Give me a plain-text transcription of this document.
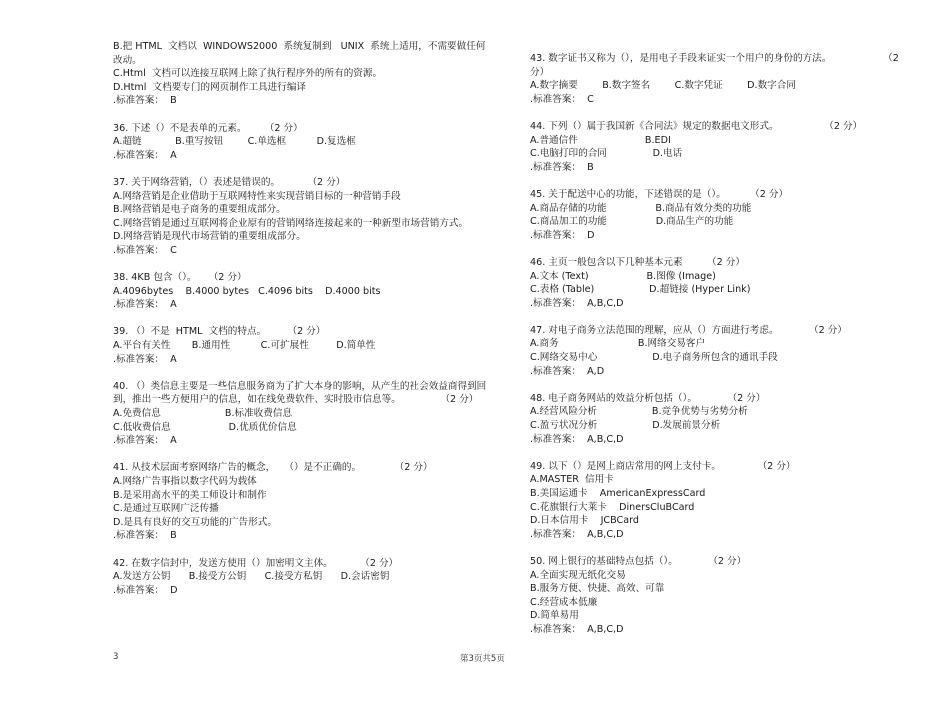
B.把 HTML  文档以  WINDOWS2000  系统复制到   UNIX  系统上适用，不需要做任何改动。
C.Html  文档可以连接互联网上除了执行程序外的所有的资源。
D.Html  文档要专门的网页制作工具进行编译
.标准答案：  B
36. 下述（）不是表单的元素。      （2 分）
A.超链           B.重写按钮        C.单选框          D.复选框
.标准答案：  A
37. 关于网络营销，（）表述是错误的。         （2 分）
A.网络营销是企业借助于互联网特性来实现营销目标的一种营销手段
B.网络营销是电子商务的重要组成部分。
C.网络营销是通过互联网将企业原有的营销网络连接起来的一种新型市场营销方式。
D.网络营销是现代市场营销的重要组成部分。
.标准答案：  C
38. 4KB 包含（）。    （2 分）
A.4096bytes    B.4000 bytes   C.4096 bits    D.4000 bits
.标准答案：  A
39. （）不是  HTML  文档的特点。       （2 分）
A.平台有关性       B.通用性          C.可扩展性         D.简单性
.标准答案：  A
40. （）类信息主要是一些信息服务商为了扩大本身的影响，从产生的社会效益商得到回到，推出一些方便用户的信息，如在线免费软件、实时股市信息等。             （2 分）
A.免费信息                     B.标准收费信息
C.低收费信息                   D.优质优价信息
.标准答案：  A
41. 从技术层面考察网络广告的概念，   （）是不正确的。           （2 分）
A.网络广告事指以数字代码为载体
B.是采用高水平的美工师设计和制作
C.是通过互联网广泛传播
D.是具有良好的交互功能的广告形式。
.标准答案：  B
42. 在数字信封中，发送方使用（）加密明文主体。         （2 分）
A.发送方公钥      B.接受方公钥      C.接受方私钥      D.会话密钥
.标准答案：  D
43. 数字证书又称为（），是用电子手段来证实一个用户的身份的方法。                 （2 分）
A.数字摘要        B.数字签名        C.数字凭证        D.数字合同
.标准答案：  C
44. 下列（）属于我国新《合同法》规定的数据电文形式。               （2 分）
A.普通信件                      B.EDI
C.电脑打印的合同               D.电话
.标准答案：  B
45. 关于配送中心的功能，下述错误的是（）。        （2 分）
A.商品存储的功能                B.商品有效分类的功能
C.商品加工的功能                D.商品生产的功能
.标准答案：  D
46. 主页一般包含以下几种基本元素        （2 分）
A.文本 (Text)                   B.图像 (Image)
C.表格 (Table)                  D.超链接 (Hyper Link)
.标准答案：  A,B,C,D
47. 对电子商务立法范围的理解，应从（）方面进行考虑。          （2 分）
A.商务                          B.网络交易客户
C.网络交易中心                  D.电子商务所包含的通讯手段
.标准答案：  A,D
48. 电子商务网站的效益分析包括（）。          （2 分）
A.经营风险分析                  B.竞争优势与劣势分析
C.盈亏状况分析                  D.发展前景分析
.标准答案：  A,B,C,D
49. 以下（）是网上商店常用的网上支付卡。            （2 分）
A.MASTER  信用卡
B.美国运通卡    AmericanExpressCard
C.花旗银行大莱卡    DinersCluBCard
D.日本信用卡    JCBCard
.标准答案：  A,B,C,D
50. 网上银行的基础特点包括（）。          （2 分）
A.全面实现无纸化交易
B.服务方便、快捷、高效、可靠
C.经营成本低廉
D.简单易用
.标准答案：  A,B,C,D
3	第3页共5页
